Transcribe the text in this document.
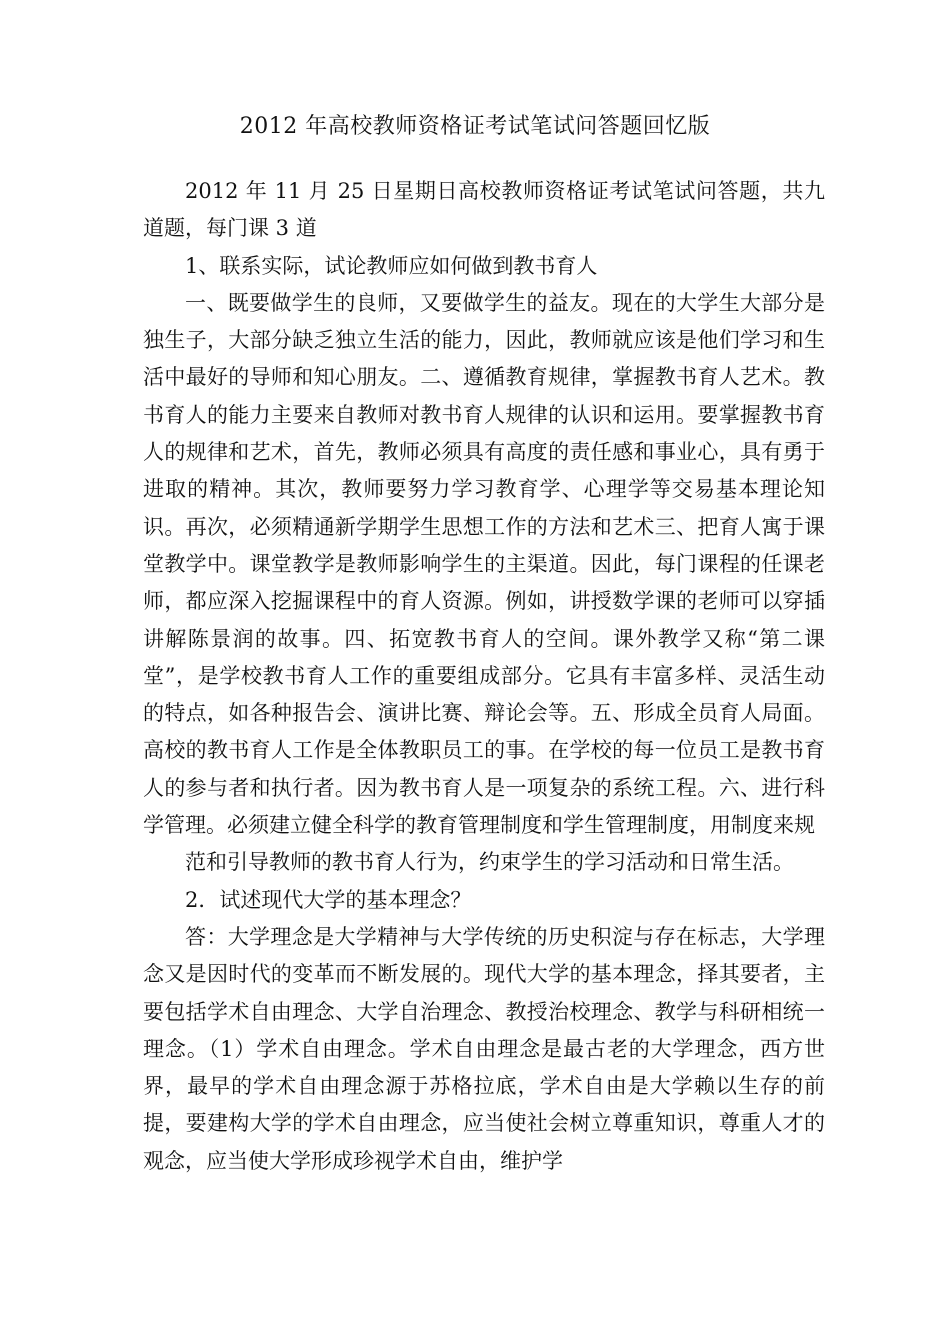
2012 年高校教师资格证考试笔试问答题回忆版

2012 年 11 月 25 日星期日高校教师资格证考试笔试问答题，共九道题，每门课 3 道

1、联系实际，试论教师应如何做到教书育人

一、既要做学生的良师，又要做学生的益友。现在的大学生大部分是独生子，大部分缺乏独立生活的能力，因此，教师就应该是他们学习和生活中最好的导师和知心朋友。二、遵循教育规律，掌握教书育人艺术。教书育人的能力主要来自教师对教书育人规律的认识和运用。要掌握教书育人的规律和艺术，首先，教师必须具有高度的责任感和事业心，具有勇于进取的精神。其次，教师要努力学习教育学、心理学等交易基本理论知识。再次，必须精通新学期学生思想工作的方法和艺术三、把育人寓于课堂教学中。课堂教学是教师影响学生的主渠道。因此，每门课程的任课老师，都应深入挖掘课程中的育人资源。例如，讲授数学课的老师可以穿插讲解陈景润的故事。四、拓宽教书育人的空间。课外教学又称“第二课堂”，是学校教书育人工作的重要组成部分。它具有丰富多样、灵活生动的特点，如各种报告会、演讲比赛、辩论会等。五、形成全员育人局面。高校的教书育人工作是全体教职员工的事。在学校的每一位员工是教书育人的参与者和执行者。因为教书育人是一项复杂的系统工程。六、进行科学管理。必须建立健全科学的教育管理制度和学生管理制度，用制度来规

范和引导教师的教书育人行为，约束学生的学习活动和日常生活。

2．试述现代大学的基本理念？

答：大学理念是大学精神与大学传统的历史积淀与存在标志，大学理念又是因时代的变革而不断发展的。现代大学的基本理念，择其要者，主要包括学术自由理念、大学自治理念、教授治校理念、教学与科研相统一理念。（1）学术自由理念。学术自由理念是最古老的大学理念，西方世界，最早的学术自由理念源于苏格拉底，学术自由是大学赖以生存的前提，要建构大学的学术自由理念，应当使社会树立尊重知识，尊重人才的观念，应当使大学形成珍视学术自由，维护学
